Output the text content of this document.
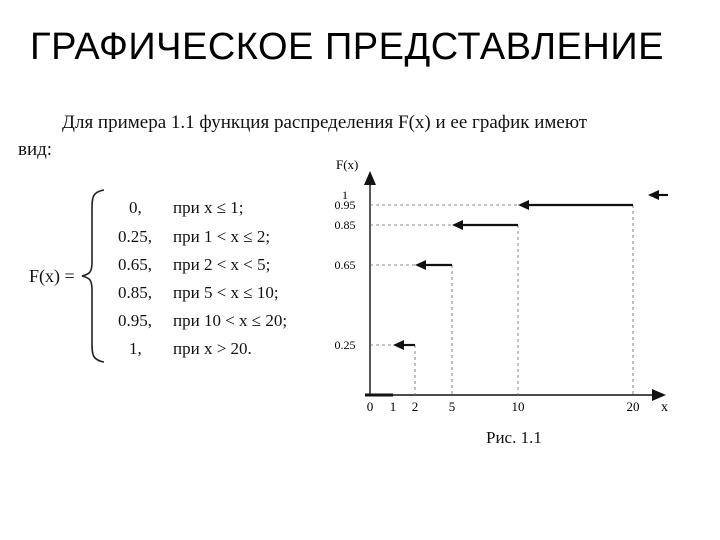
ГРАФИЧЕСКОЕ ПРЕДСТАВЛЕНИЕ
Для примера 1.1 функция распределения F(x) и ее график имеют
вид:
F(x) =
0, при x ≤ 1;
0.25, при 1 < x ≤ 2;
0.65, при 2 < x < 5;
0.85, при 5 < x ≤ 10;
0.95, при 10 < x ≤ 20;
1, при x > 20.
F(x)
x
0 1 2 5	10	20
0.25
0.65
0.85
0.95
1
Рис. 1.1
